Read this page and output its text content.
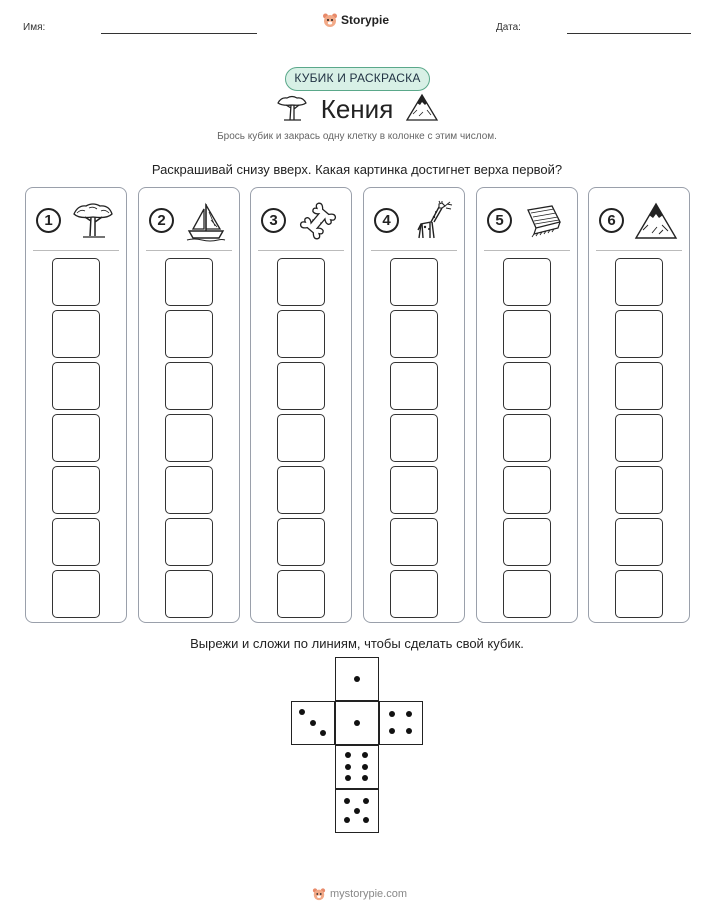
Имя:
Storypie
Дата:
КУБИК И РАСКРАСКА
Кения
Брось кубик и закрась одну клетку в колонке с этим числом.
Раскрашивай снизу вверх. Какая картинка достигнет верха первой?
1	2	3	4	5	6
Вырежи и сложи по линиям, чтобы сделать свой кубик.
mystorypie.com
